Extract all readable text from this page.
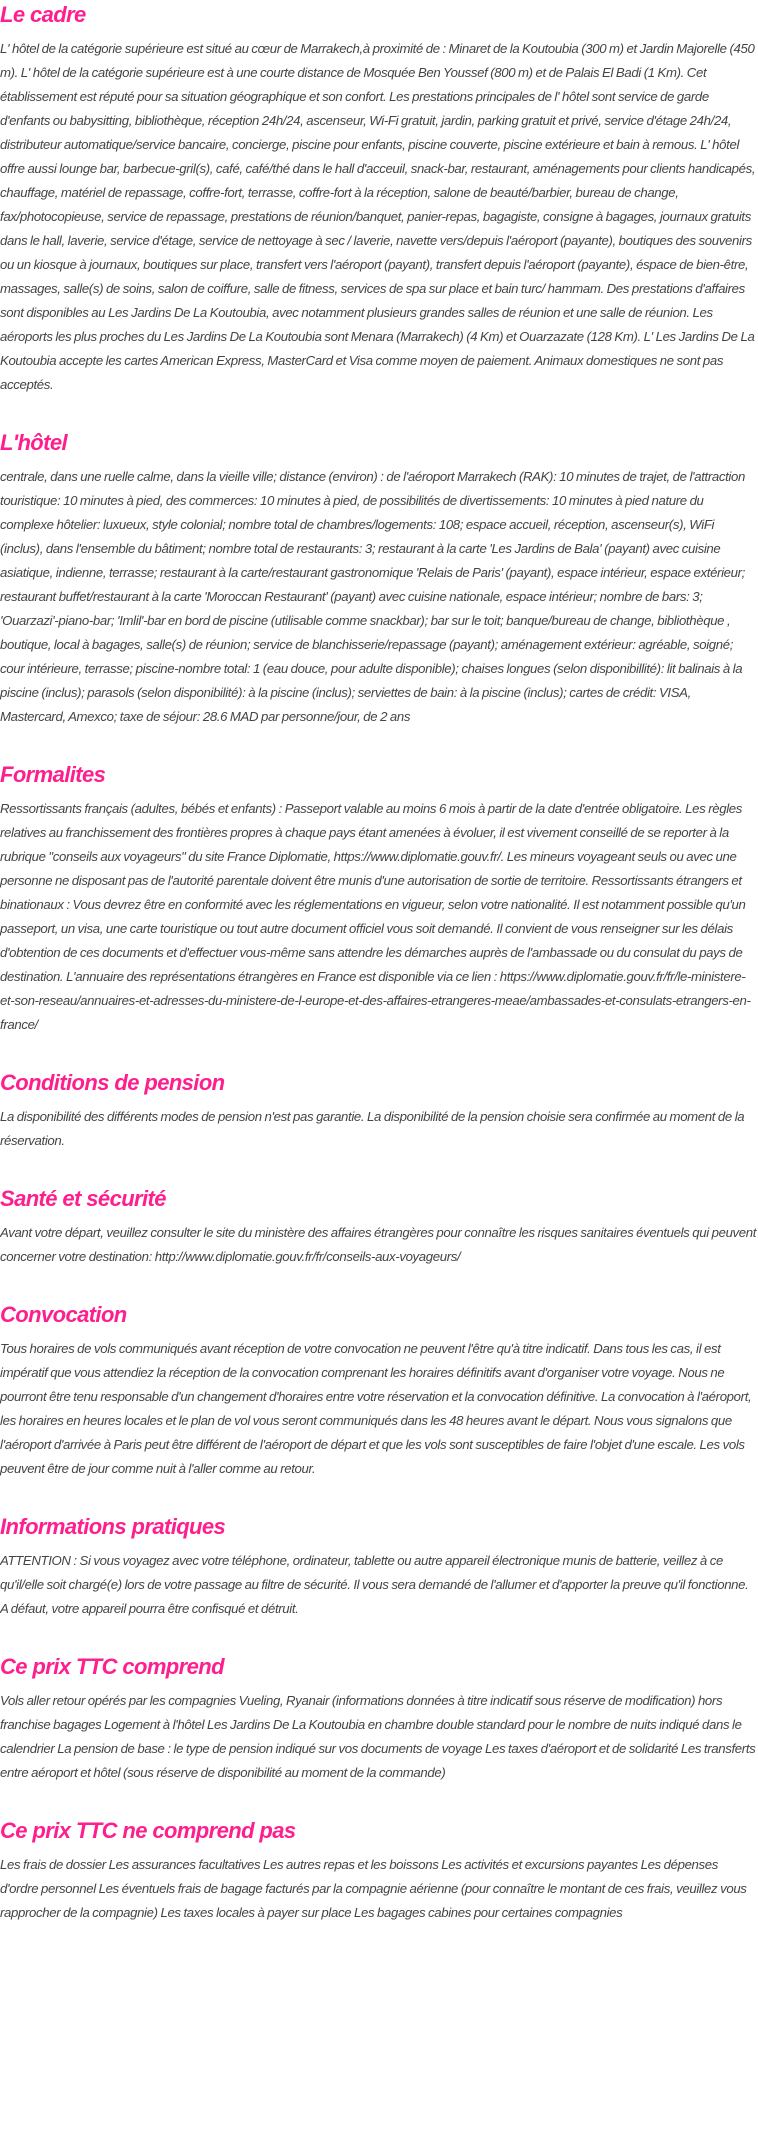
Le cadre

L' hôtel de la catégorie supérieure est situé au cœur de Marrakech,à proximité de : Minaret de la Koutoubia (300 m) et Jardin Majorelle (450 m). L' hôtel de la catégorie supérieure est à une courte distance de Mosquée Ben Youssef (800 m) et de Palais El Badi (1 Km). Cet établissement est réputé pour sa situation géographique et son confort. Les prestations principales de l' hôtel sont service de garde d'enfants ou babysitting, bibliothèque, réception 24h/24, ascenseur, Wi-Fi gratuit, jardin, parking gratuit et privé, service d'étage 24h/24, distributeur automatique/service bancaire, concierge, piscine pour enfants, piscine couverte, piscine extérieure et bain à remous. L' hôtel offre aussi lounge bar, barbecue-gril(s), café, café/thé dans le hall d'acceuil, snack-bar, restaurant, aménagements pour clients handicapés, chauffage, matériel de repassage, coffre-fort, terrasse, coffre-fort à la réception, salone de beauté/barbier, bureau de change, fax/photocopieuse, service de repassage, prestations de réunion/banquet, panier-repas, bagagiste, consigne à bagages, journaux gratuits dans le hall, laverie, service d'étage, service de nettoyage à sec / laverie, navette vers/depuis l'aéroport (payante), boutiques des souvenirs ou un kiosque à journaux, boutiques sur place, transfert vers l'aéroport (payant), transfert depuis l'aéroport (payante), éspace de bien-être, massages, salle(s) de soins, salon de coiffure, salle de fitness, services de spa sur place et bain turc/ hammam. Des prestations d'affaires sont disponibles au Les Jardins De La Koutoubia, avec notamment plusieurs grandes salles de réunion et une salle de réunion. Les aéroports les plus proches du Les Jardins De La Koutoubia sont Menara (Marrakech) (4 Km) et Ouarzazate (128 Km). L' Les Jardins De La Koutoubia accepte les cartes American Express, MasterCard et Visa comme moyen de paiement. Animaux domestiques ne sont pas acceptés.

L'hôtel

centrale, dans une ruelle calme, dans la vieille ville; distance (environ) : de l'aéroport Marrakech (RAK): 10 minutes de trajet, de l'attraction touristique: 10 minutes à pied, des commerces: 10 minutes à pied, de possibilités de divertissements: 10 minutes à pied nature du complexe hôtelier: luxueux, style colonial; nombre total de chambres/logements: 108; espace accueil, réception, ascenseur(s), WiFi (inclus), dans l'ensemble du bâtiment; nombre total de restaurants: 3; restaurant à la carte 'Les Jardins de Bala' (payant) avec cuisine asiatique, indienne, terrasse; restaurant à la carte/restaurant gastronomique 'Relais de Paris' (payant), espace intérieur, espace extérieur; restaurant buffet/restaurant à la carte 'Moroccan Restaurant' (payant) avec cuisine nationale, espace intérieur; nombre de bars: 3; 'Ouarzazi'-piano-bar; 'Imlil'-bar en bord de piscine (utilisable comme snackbar); bar sur le toit; banque/bureau de change, bibliothèque , boutique, local à bagages, salle(s) de réunion; service de blanchisserie/repassage (payant); aménagement extérieur: agréable, soigné; cour intérieure, terrasse; piscine-nombre total: 1 (eau douce, pour adulte disponible); chaises longues (selon disponibillité): lit balinais à la piscine (inclus); parasols (selon disponibilité): à la piscine (inclus); serviettes de bain: à la piscine (inclus); cartes de crédit: VISA, Mastercard, Amexco; taxe de séjour: 28.6 MAD par personne/jour, de 2 ans

Formalites

Ressortissants français (adultes, bébés et enfants) : Passeport valable au moins 6 mois à partir de la date d'entrée obligatoire. Les règles relatives au franchissement des frontières propres à chaque pays étant amenées à évoluer, il est vivement conseillé de se reporter à la rubrique "conseils aux voyageurs" du site France Diplomatie, https://www.diplomatie.gouv.fr/. Les mineurs voyageant seuls ou avec une personne ne disposant pas de l'autorité parentale doivent être munis d'une autorisation de sortie de territoire. Ressortissants étrangers et binationaux : Vous devrez être en conformité avec les réglementations en vigueur, selon votre nationalité. Il est notamment possible qu'un passeport, un visa, une carte touristique ou tout autre document officiel vous soit demandé. Il convient de vous renseigner sur les délais d'obtention de ces documents et d'effectuer vous-même sans attendre les démarches auprès de l'ambassade ou du consulat du pays de destination. L'annuaire des représentations étrangères en France est disponible via ce lien : https://www.diplomatie.gouv.fr/fr/le-ministere-et-son-reseau/annuaires-et-adresses-du-ministere-de-l-europe-et-des-affaires-etrangeres-meae/ambassades-et-consulats-etrangers-en-france/

Conditions de pension

La disponibilité des différents modes de pension n'est pas garantie. La disponibilité de la pension choisie sera confirmée au moment de la réservation.

Santé et sécurité

Avant votre départ, veuillez consulter le site du ministère des affaires étrangères pour connaître les risques sanitaires éventuels qui peuvent concerner votre destination: http://www.diplomatie.gouv.fr/fr/conseils-aux-voyageurs/

Convocation

Tous horaires de vols communiqués avant réception de votre convocation ne peuvent l'être qu'à titre indicatif. Dans tous les cas, il est impératif que vous attendiez la réception de la convocation comprenant les horaires définitifs avant d'organiser votre voyage. Nous ne pourront être tenu responsable d'un changement d'horaires entre votre réservation et la convocation définitive. La convocation à l'aéroport, les horaires en heures locales et le plan de vol vous seront communiqués dans les 48 heures avant le départ. Nous vous signalons que l'aéroport d'arrivée à Paris peut être différent de l'aéroport de départ et que les vols sont susceptibles de faire l'objet d'une escale. Les vols peuvent être de jour comme nuit à l'aller comme au retour.

Informations pratiques

ATTENTION : Si vous voyagez avec votre téléphone, ordinateur, tablette ou autre appareil électronique munis de batterie, veillez à ce qu'il/elle soit chargé(e) lors de votre passage au filtre de sécurité. Il vous sera demandé de l'allumer et d'apporter la preuve qu'il fonctionne. A défaut, votre appareil pourra être confisqué et détruit.

Ce prix TTC comprend

Vols aller retour opérés par les compagnies Vueling, Ryanair (informations données à titre indicatif sous réserve de modification) hors franchise bagages Logement à l'hôtel Les Jardins De La Koutoubia en chambre double standard pour le nombre de nuits indiqué dans le calendrier La pension de base : le type de pension indiqué sur vos documents de voyage Les taxes d'aéroport et de solidarité Les transferts entre aéroport et hôtel (sous réserve de disponibilité au moment de la commande)

Ce prix TTC ne comprend pas

Les frais de dossier Les assurances facultatives Les autres repas et les boissons Les activités et excursions payantes Les dépenses d'ordre personnel Les éventuels frais de bagage facturés par la compagnie aérienne (pour connaître le montant de ces frais, veuillez vous rapprocher de la compagnie) Les taxes locales à payer sur place Les bagages cabines pour certaines compagnies
